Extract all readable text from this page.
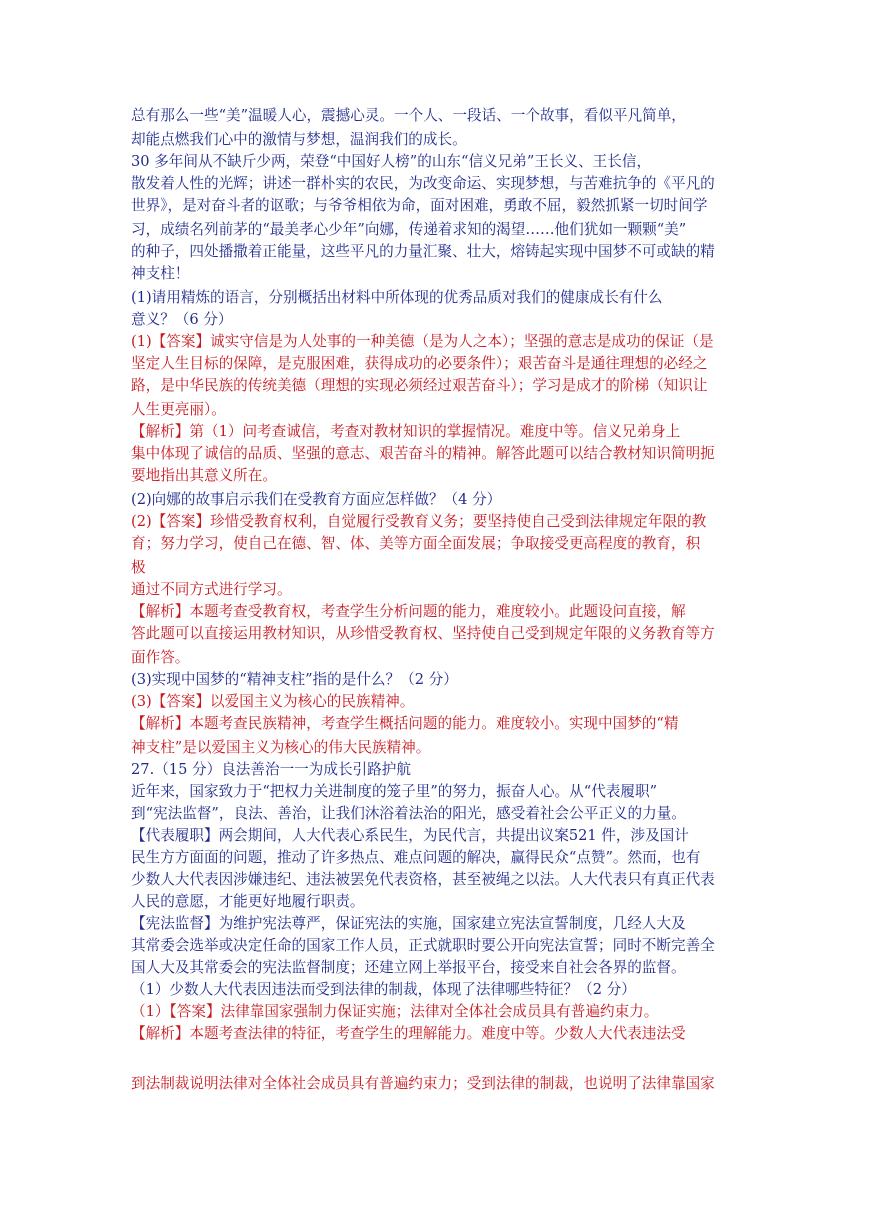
总有那么一些“美”温暖人心，震撼心灵。一个人、一段话、一个故事，看似平凡简单，
却能点燃我们心中的激情与梦想，温润我们的成长。
30 多年间从不缺斤少两，荣登“中国好人榜”的山东“信义兄弟”王长义、王长信，
散发着人性的光辉；讲述一群朴实的农民，为改变命运、实现梦想，与苦难抗争的《平凡的
世界》，是对奋斗者的讴歌；与爷爷相依为命，面对困难，勇敢不屈，毅然抓紧一切时间学
习，成绩名列前茅的“最美孝心少年”向娜，传递着求知的渴望……他们犹如一颗颗“美”
的种子，四处播撒着正能量，这些平凡的力量汇聚、壮大，熔铸起实现中国梦不可或缺的精
神支柱！
(1)请用精炼的语言，分别概括出材料中所体现的优秀品质对我们的健康成长有什么
意义？（6 分）
(1)【答案】诚实守信是为人处事的一种美德（是为人之本）；坚强的意志是成功的保证（是
坚定人生目标的保障，是克服困难，获得成功的必要条件）；艰苦奋斗是通往理想的必经之
路，是中华民族的传统美德（理想的实现必须经过艰苦奋斗）；学习是成才的阶梯（知识让
人生更亮丽）。
【解析】第（1）问考查诚信，考查对教材知识的掌握情况。难度中等。信义兄弟身上
集中体现了诚信的品质、坚强的意志、艰苦奋斗的精神。解答此题可以结合教材知识简明扼
要地指出其意义所在。
(2)向娜的故事启示我们在受教育方面应怎样做？（4 分）
(2)【答案】珍惜受教育权利，自觉履行受教育义务；要坚持使自己受到法律规定年限的教
育；努力学习，使自己在德、智、体、美等方面全面发展；争取接受更高程度的教育，积
极
通过不同方式进行学习。
【解析】本题考查受教育权，考查学生分析问题的能力，难度较小。此题设问直接，解
答此题可以直接运用教材知识，从珍惜受教育权、坚持使自己受到规定年限的义务教育等方
面作答。
(3)实现中国梦的“精神支柱”指的是什么？（2 分）
(3)【答案】以爱国主义为核心的民族精神。
【解析】本题考查民族精神，考查学生概括问题的能力。难度较小。实现中国梦的“精
神支柱”是以爱国主义为核心的伟大民族精神。
27.（15 分）良法善治一一为成长引路护航
近年来，国家致力于“把权力关进制度的笼子里”的努力，振奋人心。从“代表履职”
到“宪法监督”，良法、善治，让我们沐浴着法治的阳光，感受着社会公平正义的力量。
【代表履职】两会期间，人大代表心系民生，为民代言，共提出议案521 件，涉及国计
民生方方面面的问题，推动了许多热点、难点问题的解决，赢得民众“点赞”。然而，也有
少数人大代表因涉嫌违纪、违法被罢免代表资格，甚至被绳之以法。人大代表只有真正代表
人民的意愿，才能更好地履行职责。
【宪法监督】为维护宪法尊严，保证宪法的实施，国家建立宪法宣誓制度，几经人大及
其常委会选举或决定任命的国家工作人员，正式就职时要公开向宪法宣誓；同时不断完善全
国人大及其常委会的宪法监督制度；还建立网上举报平台，接受来自社会各界的监督。
（1）少数人大代表因违法而受到法律的制裁，体现了法律哪些特征？（2 分）
（1）【答案】法律靠国家强制力保证实施；法律对全体社会成员具有普遍约束力。
【解析】本题考查法律的特征，考查学生的理解能力。难度中等。少数人大代表违法受
到法制裁说明法律对全体社会成员具有普遍约束力；受到法律的制裁，也说明了法律靠国家
